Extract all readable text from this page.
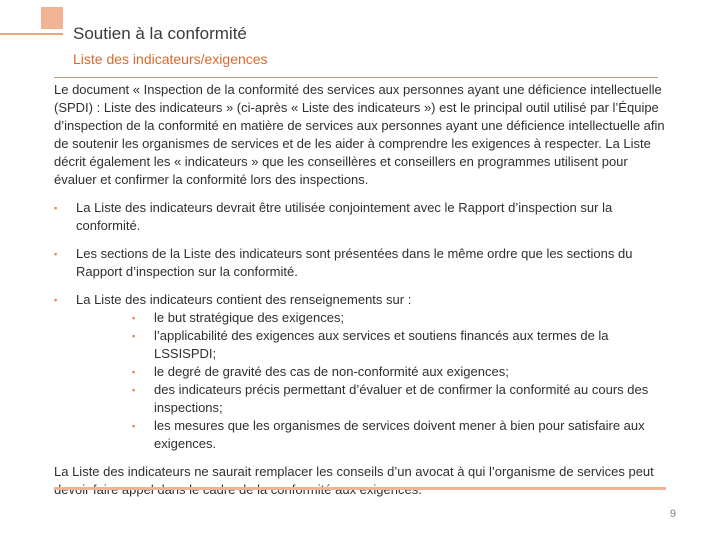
Soutien à la conformité
Liste des indicateurs/exigences

Le document « Inspection de la conformité des services aux personnes ayant une déficience intellectuelle (SPDI) : Liste des indicateurs » (ci-après « Liste des indicateurs ») est le principal outil utilisé par l’Équipe d’inspection de la conformité en matière de services aux personnes ayant une déficience intellectuelle afin de soutenir les organismes de services et de les aider à comprendre les exigences à respecter. La Liste décrit également les « indicateurs » que les conseillères et conseillers en programmes utilisent pour évaluer et confirmer la conformité lors des inspections.

▪ La Liste des indicateurs devrait être utilisée conjointement avec le Rapport d’inspection sur la conformité.
▪ Les sections de la Liste des indicateurs sont présentées dans le même ordre que les sections du Rapport d’inspection sur la conformité.
▪ La Liste des indicateurs contient des renseignements sur :
▪ le but stratégique des exigences;
▪ l’applicabilité des exigences aux services et soutiens financés aux termes de la LSSISPDI;
▪ le degré de gravité des cas de non-conformité aux exigences;
▪ des indicateurs précis permettant d’évaluer et de confirmer la conformité au cours des inspections;
▪ les mesures que les organismes de services doivent mener à bien pour satisfaire aux exigences.

La Liste des indicateurs ne saurait remplacer les conseils d’un avocat à qui l’organisme de services peut

9
